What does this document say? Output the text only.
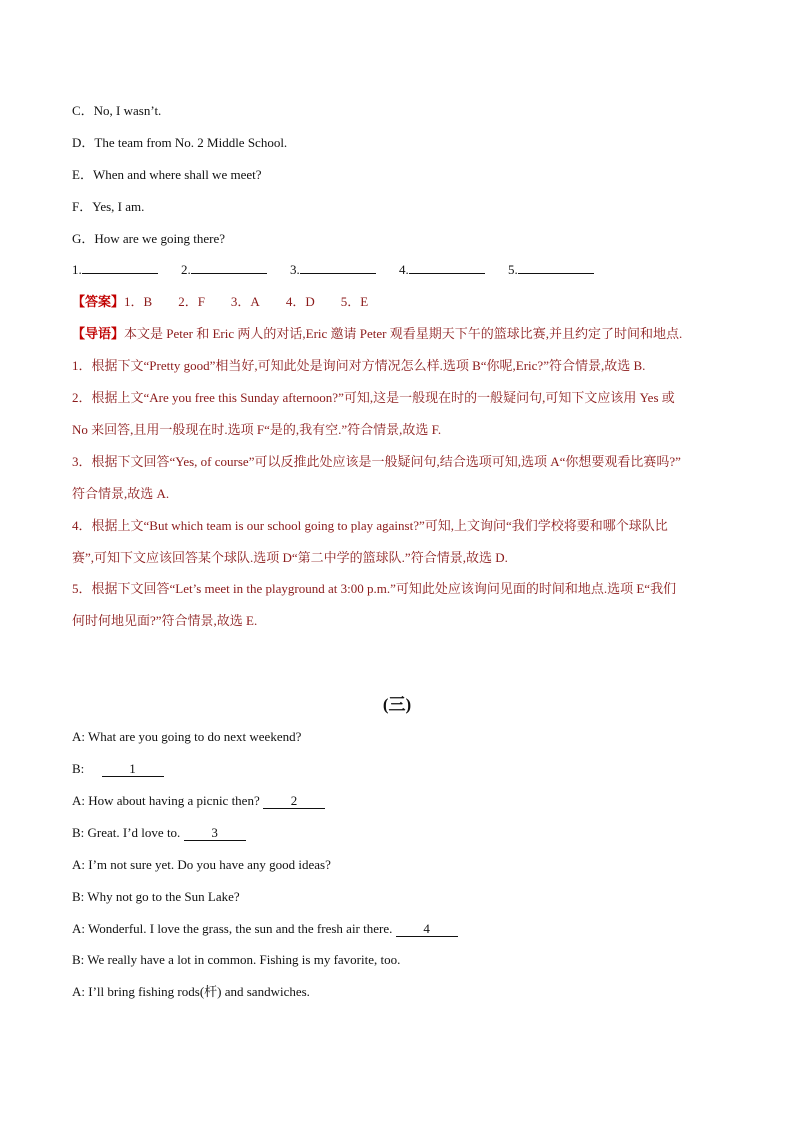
C．No, I wasn’t.
D．The team from No. 2 Middle School.
E．When and where shall we meet?
F．Yes, I am.
G．How are we going there?
1.	2.	3.	4.	5.
【答案】1．B 2．F 3．A 4．D 5．E
【导语】本文是 Peter 和 Eric 两人的对话,Eric 邀请 Peter 观看星期天下午的篮球比赛,并且约定了时间和地点.
1．根据下文“Pretty good”相当好,可知此处是询问对方情况怎么样.选项 B“你呢,Eric?”符合情景,故选 B.
2．根据上文“Are you free this Sunday afternoon?”可知,这是一般现在时的一般疑问句,可知下文应该用 Yes 或
No 来回答,且用一般现在时.选项 F“是的,我有空.”符合情景,故选 F.
3．根据下文回答“Yes, of course”可以反推此处应该是一般疑问句,结合选项可知,选项 A“你想要观看比赛吗?”
符合情景,故选 A.
4．根据上文“But which team is our school going to play against?”可知,上文询问“我们学校将要和哪个球队比
赛”,可知下文应该回答某个球队.选项 D“第二中学的篮球队.”符合情景,故选 D.
5．根据下文回答“Let’s meet in the playground at 3:00 p.m.”可知此处应该询问见面的时间和地点.选项 E“我们
何时何地见面?”符合情景,故选 E.
(三)
A: What are you going to do next weekend?
B:	1
A: How about having a picnic then? 2
B: Great. I’d love to. 3
A: I’m not sure yet. Do you have any good ideas?
B: Why not go to the Sun Lake?
A: Wonderful. I love the grass, the sun and the fresh air there. 4
B: We really have a lot in common. Fishing is my favorite, too.
A: I’ll bring fishing rods(杆) and sandwiches.
